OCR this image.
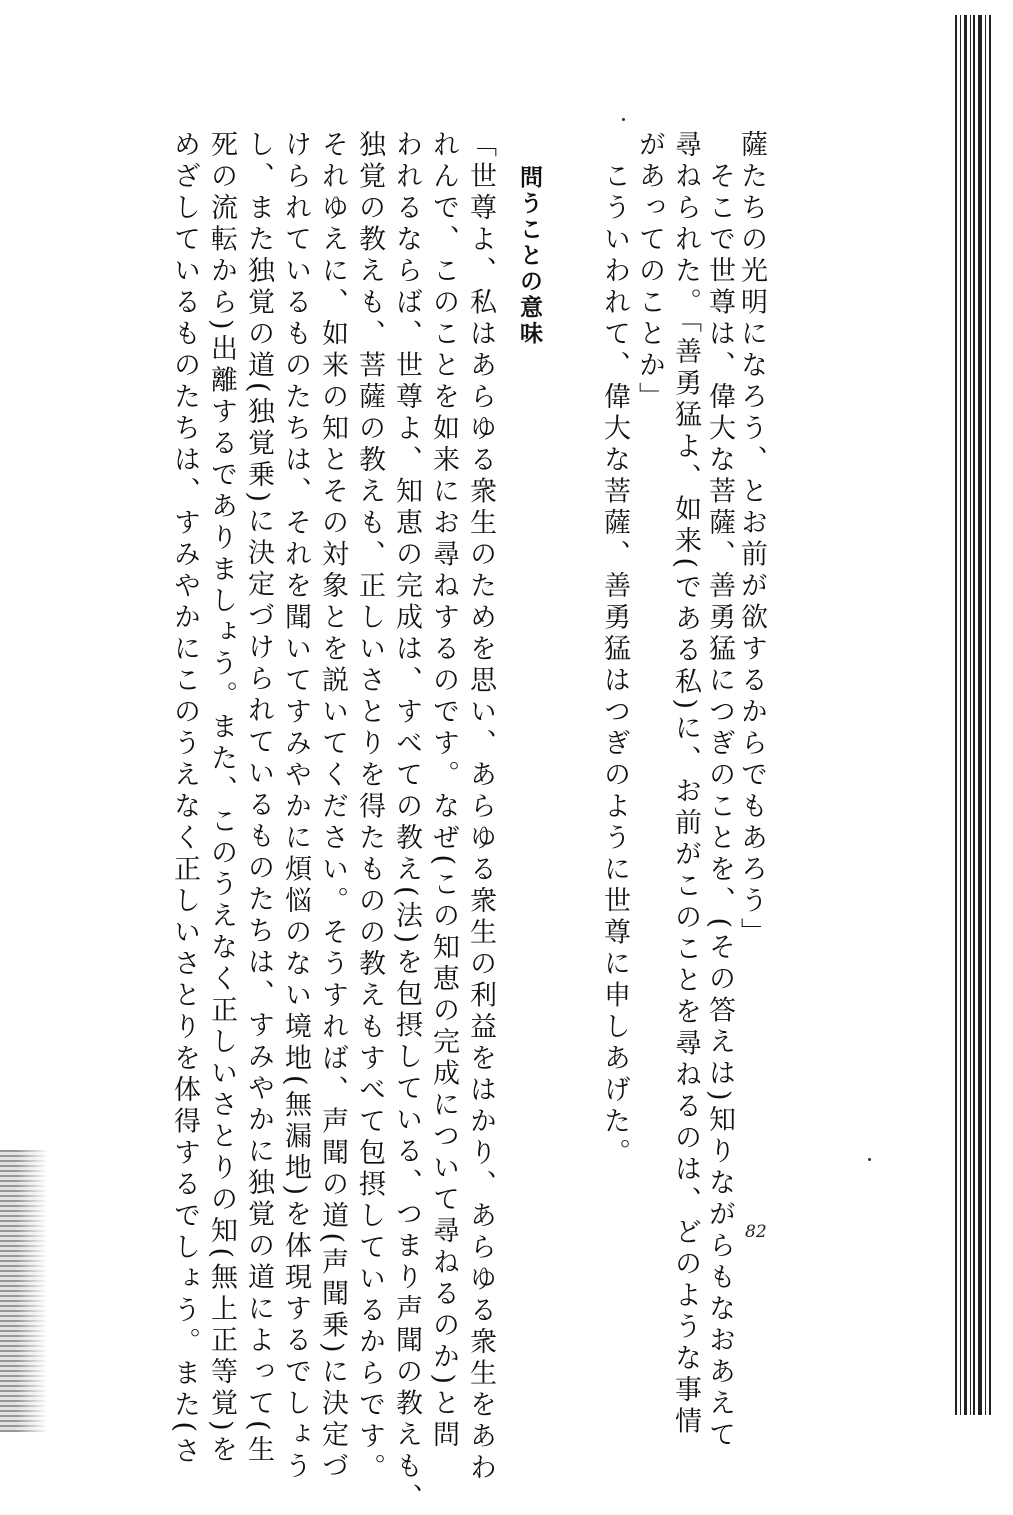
薩たちの光明になろう、とお前が欲するからでもあろう」
　そこで世尊は、偉大な菩薩、善勇猛につぎのことを、(その答えは)知りながらもなおあえて
尋ねられた。「善勇猛よ、如来(である私)に、お前がこのことを尋ねるのは、どのような事情
があってのことか」
　こういわれて、偉大な菩薩、善勇猛はつぎのように世尊に申しあげた。
問うことの意味
「世尊よ、私はあらゆる衆生のためを思い、あらゆる衆生の利益をはかり、あらゆる衆生をあわ
れんで、このことを如来にお尋ねするのです。なぜ(この知恵の完成について尋ねるのか)と問
われるならば、世尊よ、知恵の完成は、すべての教え(法)を包摂している、つまり声聞の教えも、
独覚の教えも、菩薩の教えも、正しいさとりを得たものの教えもすべて包摂しているからです。
それゆえに、如来の知とその対象とを説いてください。そうすれば、声聞の道(声聞乗)に決定づ
けられているものたちは、それを聞いてすみやかに煩悩のない境地(無漏地)を体現するでしょう
し、また独覚の道(独覚乗)に決定づけられているものたちは、すみやかに独覚の道によって(生
死の流転から)出離するでありましょう。また、このうえなく正しいさとりの知(無上正等覚)を
めざしているものたちは、すみやかにこのうえなく正しいさとりを体得するでしょう。また(さ	82
